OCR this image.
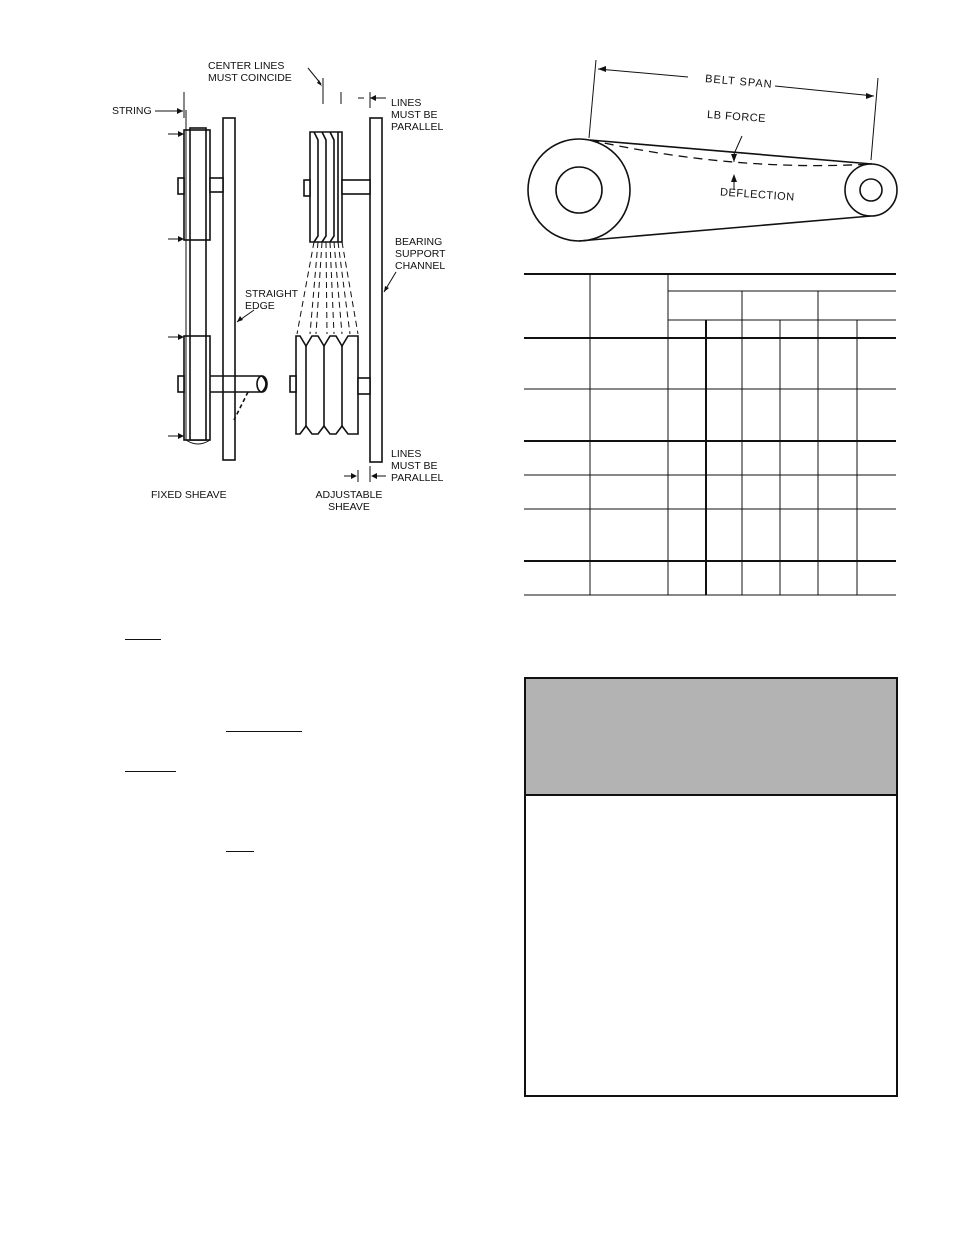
CENTER LINES
MUST COINCIDE
STRING
LINES
MUST BE
PARALLEL
BEARING
SUPPORT
CHANNEL
STRAIGHT
EDGE
LINES
MUST BE
PARALLEL
FIXED SHEAVE	ADJUSTABLE
SHEAVE
BELT SPAN
LB FORCE
DEFLECTION
